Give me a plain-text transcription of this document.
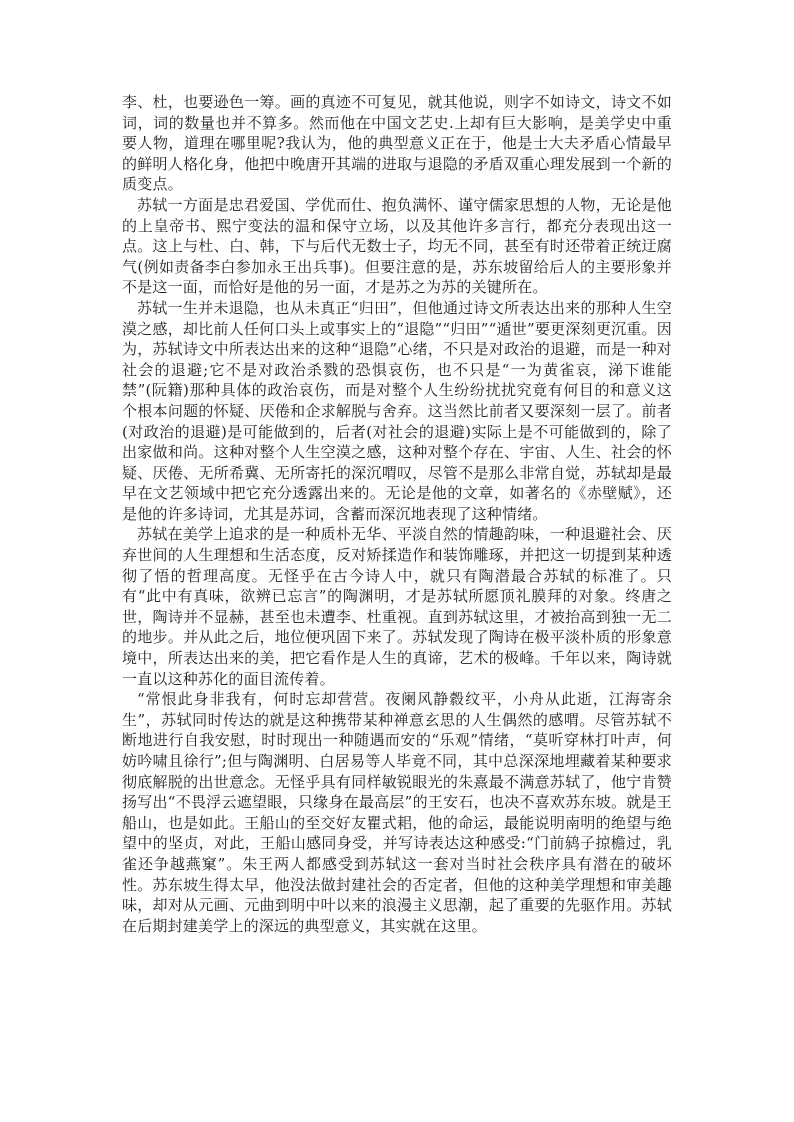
李、杜，也要逊色一筹。画的真迹不可复见，就其他说，则字不如诗文，诗文不如词，词的数量也并不算多。然而他在中国文艺史.上却有巨大影响，是美学史中重要人物，道理在哪里呢?我认为，他的典型意义正在于，他是士大夫矛盾心情最早的鲜明人格化身，他把中晚唐开其端的进取与退隐的矛盾双重心理发展到一个新的质变点。

苏轼一方面是忠君爱国、学优而仕、抱负满怀、谨守儒家思想的人物，无论是他的上皇帝书、熙宁变法的温和保守立场，以及其他许多言行，都充分表现出这一点。这上与杜、白、韩，下与后代无数士子，均无不同，甚至有时还带着正统迂腐气(例如责备李白参加永王出兵事)。但要注意的是，苏东坡留给后人的主要形象并不是这一面，而恰好是他的另一面，才是苏之为苏的关键所在。

苏轼一生并未退隐，也从未真正“归田”，但他通过诗文所表达出来的那种人生空漠之感，却比前人任何口头上或事实上的“退隐”“归田”“遁世”要更深刻更沉重。因为，苏轼诗文中所表达出来的这种“退隐”心绪，不只是对政治的退避，而是一种对社会的退避;它不是对政治杀戮的恐惧哀伤，也不只是“一为黄雀哀，涕下谁能禁”(阮籍)那种具体的政治哀伤，而是对整个人生纷纷扰扰究竟有何目的和意义这个根本问题的怀疑、厌倦和企求解脱与舍弃。这当然比前者又要深刻一层了。前者(对政治的退避)是可能做到的，后者(对社会的退避)实际上是不可能做到的，除了出家做和尚。这种对整个人生空漠之感，这种对整个存在、宇宙、人生、社会的怀疑、厌倦、无所希冀、无所寄托的深沉喟叹，尽管不是那么非常自觉，苏轼却是最早在文艺领域中把它充分透露出来的。无论是他的文章，如著名的《赤壁赋》，还是他的许多诗词，尤其是苏词，含蓄而深沉地表现了这种情绪。

苏轼在美学上追求的是一种质朴无华、平淡自然的情趣韵味，一种退避社会、厌弃世间的人生理想和生活态度，反对矫揉造作和装饰雕琢，并把这一切提到某种透彻了悟的哲理高度。无怪乎在古今诗人中，就只有陶潜最合苏轼的标准了。只有“此中有真味，欲辨已忘言”的陶渊明，才是苏轼所愿顶礼膜拜的对象。终唐之世，陶诗并不显赫，甚至也未遭李、杜重视。直到苏轼这里，才被抬高到独一无二的地步。并从此之后，地位便巩固下来了。苏轼发现了陶诗在极平淡朴质的形象意境中，所表达出来的美，把它看作是人生的真谛，艺术的极峰。千年以来，陶诗就一直以这种苏化的面目流传着。

“常恨此身非我有，何时忘却营营。夜阑风静縠纹平，小舟从此逝，江海寄余生”，苏轼同时传达的就是这种携带某种禅意玄思的人生偶然的感喟。尽管苏轼不断地进行自我安慰，时时现出一种随遇而安的“乐观”情绪，“莫听穿林打叶声，何妨吟啸且徐行”;但与陶渊明、白居易等人毕竟不同，其中总深深地埋藏着某种要求彻底解脱的出世意念。无怪乎具有同样敏锐眼光的朱熹最不满意苏轼了，他宁肯赞扬写出“不畏浮云遮望眼，只缘身在最高层”的王安石，也决不喜欢苏东坡。就是王船山，也是如此。王船山的至交好友瞿式耜，他的命运，最能说明南明的绝望与绝望中的坚贞，对此，王船山感同身受，并写诗表达这种感受:“门前鸫子掠檐过，乳雀还争越燕窠”。朱王两人都感受到苏轼这一套对当时社会秩序具有潜在的破坏性。苏东坡生得太早，他没法做封建社会的否定者，但他的这种美学理想和审美趣味，却对从元画、元曲到明中叶以来的浪漫主义思潮，起了重要的先驱作用。苏轼在后期封建美学上的深远的典型意义，其实就在这里。
